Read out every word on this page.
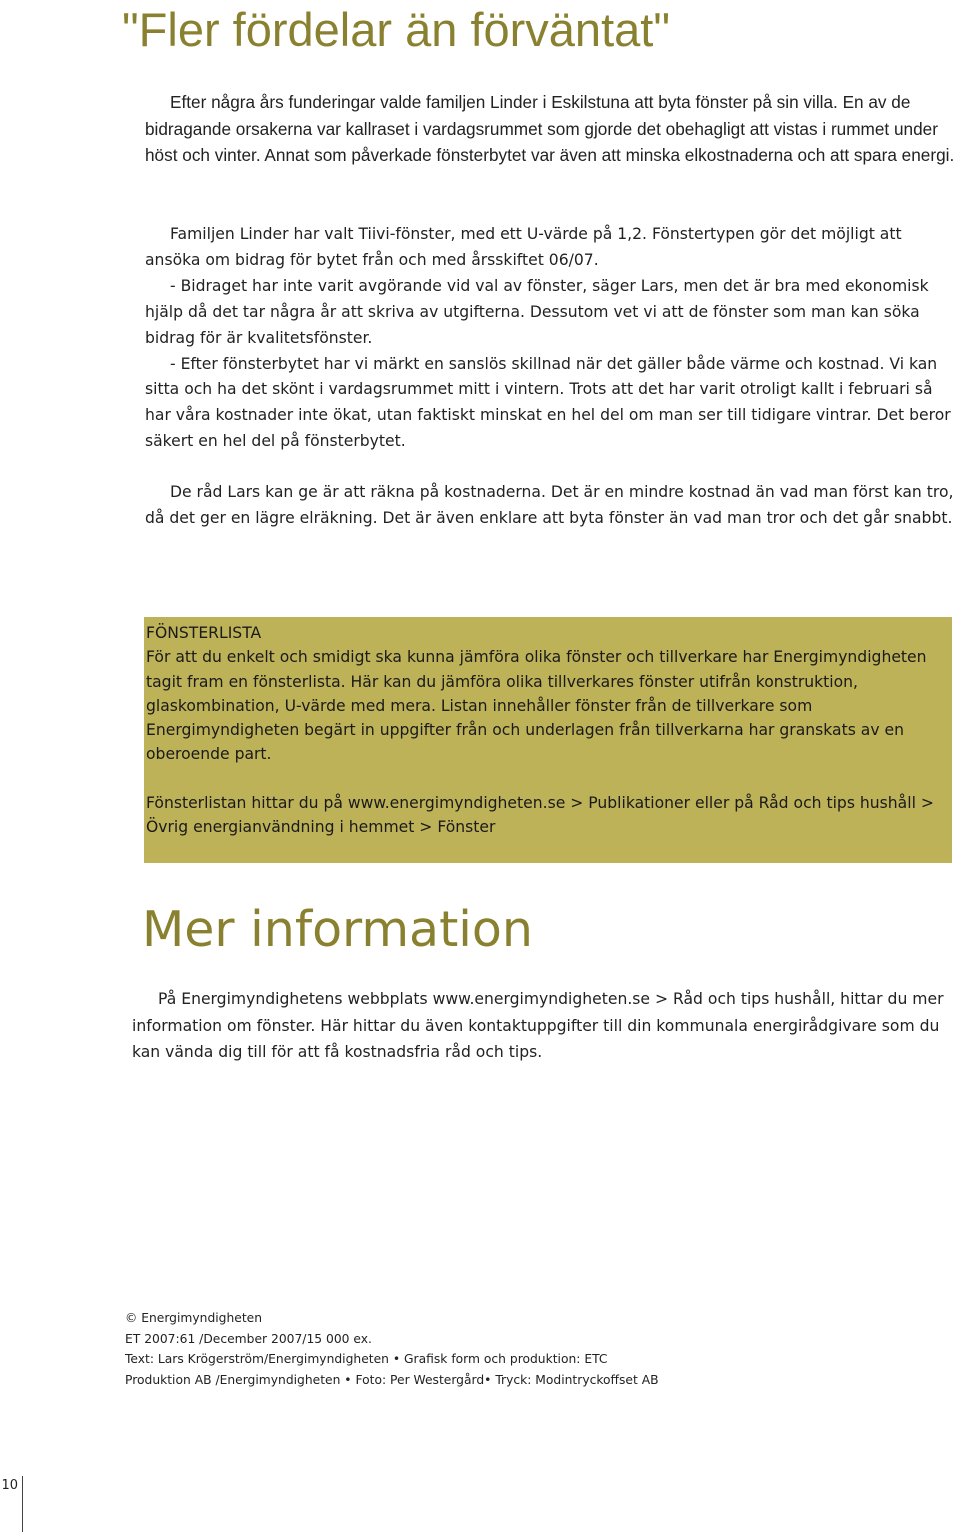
"Fler fördelar än förväntat"

Efter några års funderingar valde familjen Linder i Eskilstuna att byta fönster på sin villa. En av de bidragande orsakerna var kallraset i vardagsrummet som gjorde det obehagligt att vistas i rummet under höst och vinter. Annat som påverkade fönsterbytet var även att minska elkostnaderna och att spara energi.

Familjen Linder har valt Tiivi-fönster, med ett U-värde på 1,2. Fönstertypen gör det möjligt att ansöka om bidrag för bytet från och med årsskiftet 06/07.

- Bidraget har inte varit avgörande vid val av fönster, säger Lars, men det är bra med ekonomisk hjälp då det tar några år att skriva av utgifterna. Dessutom vet vi att de fönster som man kan söka bidrag för är kvalitetsfönster.

- Efter fönsterbytet har vi märkt en sanslös skillnad när det gäller både värme och kostnad. Vi kan sitta och ha det skönt i vardagsrummet mitt i vintern. Trots att det har varit otroligt kallt i februari så har våra kostnader inte ökat, utan faktiskt minskat en hel del om man ser till tidigare vintrar. Det beror säkert en hel del på fönsterbytet.

De råd Lars kan ge är att räkna på kostnaderna. Det är en mindre kostnad än vad man först kan tro, då det ger en lägre elräkning. Det är även enklare att byta fönster än vad man tror och det går snabbt.

FÖNSTERLISTA

För att du enkelt och smidigt ska kunna jämföra olika fönster och tillverkare har Energimyndigheten tagit fram en fönsterlista. Här kan du jämföra olika tillverkares fönster utifrån konstruktion, glaskombination, U-värde med mera. Listan innehåller fönster från de tillverkare som Energimyndigheten begärt in uppgifter från och underlagen från tillverkarna har granskats av en oberoende part.

Fönsterlistan hittar du på www.energimyndigheten.se > Publikationer eller på Råd och tips hushåll > Övrig energianvändning i hemmet > Fönster

Mer information

På Energimyndighetens webbplats www.energimyndigheten.se > Råd och tips hushåll, hittar du mer information om fönster. Här hittar du även kontaktuppgifter till din kommunala energirådgivare som du kan vända dig till för att få kostnadsfria råd och tips.

© Energimyndigheten
ET 2007:61 /December 2007/15 000 ex.
Text: Lars Krögerström/Energimyndigheten • Grafisk form och produktion: ETC
Produktion AB /Energimyndigheten • Foto: Per Westergård• Tryck: Modintryckoffset AB
10
